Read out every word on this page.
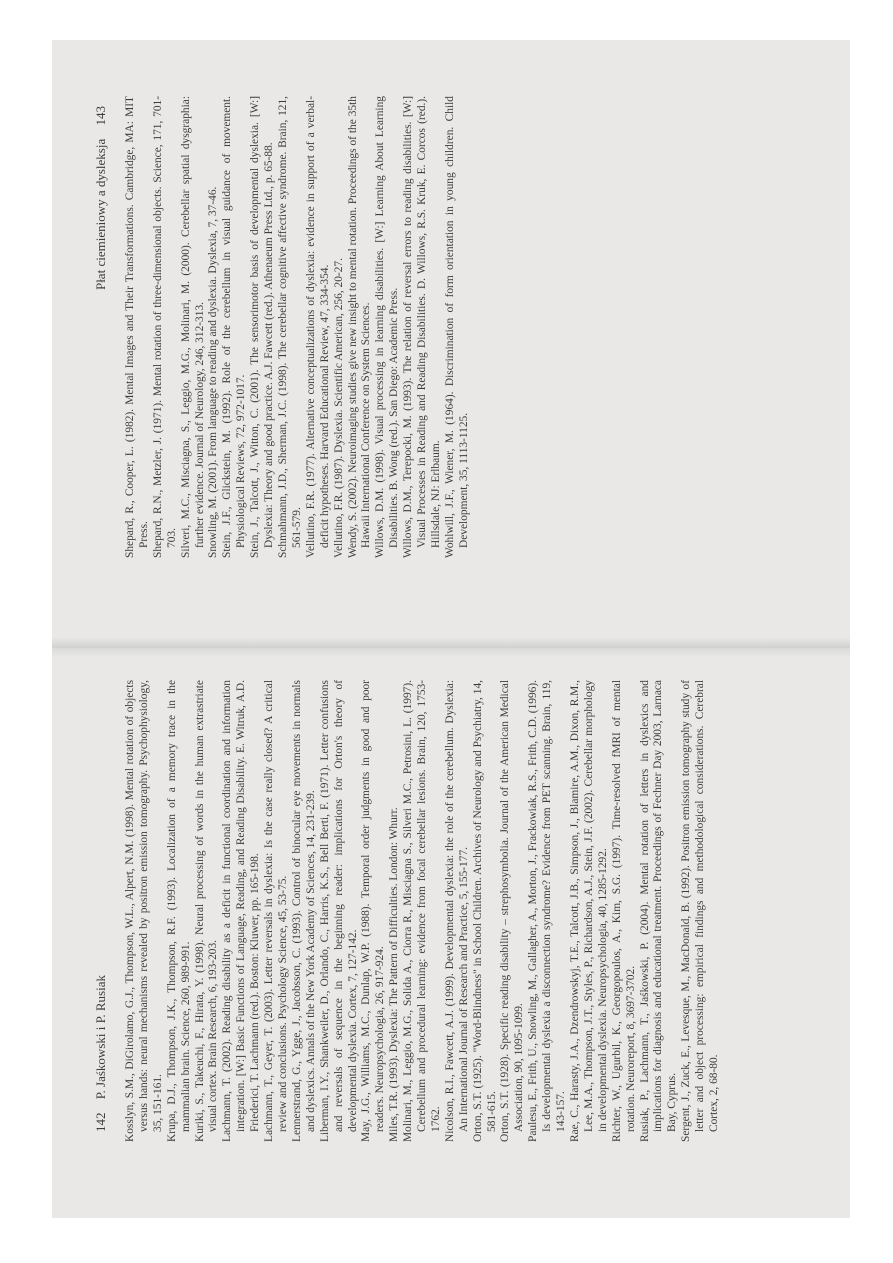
142 P. Jaśkowski i P. Rusiak Kosslyn, S.M., DiGirolamo, G.J., Thompson, W.L., Alpert, N.M. (1998). Mental rotation of objects versus hands: neural mechanisms revealed by positron emission tomography. Psychophysiology, 35, 151-161. Krupa, D.J., Thompson, J.K., Thompson, R.F. (1993). Localization of a memory trace in the mammalian brain. Science, 260, 989-991. Kuriki, S., Takeuchi, F., Hirata, Y. (1998). Neural processing of words in the human extrastriate visual cortex. Brain Research, 6, 193-203. Lachmann, T. (2002). Reading disability as a deficit in functional coordination and information integration. [W:] Basic Functions of Language, Reading, and Reading Disability. E. Witruk, A.D. Friederici, T. Lachmann (red.). Boston: Kluwer, pp. 165-198. Lachmann, T., Geyer, T. (2003). Letter reversals in dyslexia: Is the case really closed? A critical review and conclusions. Psychology Science, 45, 53-75. Lennerstrand, G., Ygge, J., Jacobsson, C. (1993). Control of binocular eye movements in normals and dyslexics. Annals of the New York Academy of Sciences, 14, 231-239. Liberman, I.Y., Shankweiler, D., Orlando, C., Harris, K.S., Bell Berti, F. (1971). Letter confusions and reversals of sequence in the beginning reader: implications for Orton's theory of developmental dyslexia. Cortex, 7, 127-142. May, J.G., Williams, M.C., Dunlap, W.P. (1988). Temporal order judgments in good and poor readers. Neuropsychologia, 26, 917-924. Miles, T.R. (1993). Dyslexia: The Pattern of Difficulties. London: Whurr. Molinari, M., Leggio, M.G., Solida A., Ciorra R., Misciagna S., Silveri M.C., Petrosini, L. (1997). Cerebellum and procedural learning: evidence from focal cerebellar lesions. Brain, 120, 1753-1762. Nicolson, R.I., Fawcett, A.J. (1999). Developmental dyslexia: the role of the cerebellum. Dyslexia: An International Journal of Research and Practice, 5, 155-177. Orton, S.T. (1925). "Word-Blindness" in School Children. Archives of Neurology and Psychiatry, 14, 581-615. Orton, S.T. (1928). Specific reading disability – strephosymbolia. Journal of the American Medical Association, 90, 1095-1099. Paulesu, E., Frith, U., Snowling, M., Gallagher, A., Morton, J., Frackowiak, R.S., Frith, C.D. (1996). Is developmental dyslexia a disconnection syndrome? Evidence from PET scanning. Brain, 119, 143-157. Rae, C., Harasty, J.A., Dzendrowskyj, T.E., Talcott, J.B., Simpson, J., Blamire, A.M., Dixon, R.M., Lee, M.A., Thompson, J.T., Styles, P., Richardson, A.J., Stein, J.F. (2002). Cerebellar morphology in developmental dyslexia. Neuropsychologia, 40, 1285-1292. Richter, W., Ugurbil, K., Georgopoulos, A., Kim, S.G. (1997). Time-resolved fMRI of mental rotation. Neuroreport, 8, 3697-3702. Rusiak, P., Lachmann, T., Jaśkowski, P. (2004). Mental rotation of letters in dyslexics and implications for diagnosis and educational treatment. Proceedings of Fechner Day 2003, Larnaca Bay, Cyprus. Sergent, J., Zuck, E., Levesque, M., MacDonald, B. (1992). Positron emission tomography study of letter and object processing: empirical findings and methodological considerations. Cerebral Cortex, 2, 68-80.

Płat ciemieniowy a dysleksja 143 Shepard, R., Cooper, L. (1982). Mental Images and Their Transformations. Cambridge, MA: MIT Press. Shepard, R.N., Metzler, J. (1971). Mental rotation of three-dimensional objects. Science, 171, 701-703. Silveri, M.C., Misciagna, S., Leggio, M.G., Molinari, M. (2000). Cerebellar spatial dysgraphia: further evidence. Journal of Neurology, 246, 312-313. Snowling, M. (2001). From language to reading and dyslexia. Dyslexia, 7, 37-46. Stein, J.F., Glickstein, M. (1992). Role of the cerebellum in visual guidance of movement. Physiological Reviews, 72, 972-1017. Stein, J., Talcott, J., Witton, C. (2001). The sensorimotor basis of developmental dyslexia. [W:] Dyslexia: Theory and good practice. A.J. Fawcett (red.). Athenaeum Press Ltd., p. 65-88. Schmahmann, J.D., Sherman, J.C. (1998). The cerebellar cognitive affective syndrome. Brain, 121, 561-579. Vellutino, F.R. (1977). Alternative conceptualizations of dyslexia: evidence in support of a verbal-deficit hypotheses. Harvard Educational Review, 47, 334-354. Vellutino, F.R. (1987). Dyslexia. Scientific American, 256, 20-27. Wendy, S. (2002). Neuroimaging studies give new insight to mental rotation. Proceedings of the 35th Hawaii International Conference on System Sciences. Willows, D.M. (1998). Visual processing in learning disabilities. [W:] Learning About Learning Disabilities. B. Wong (red.). San Diego: Academic Press. Willows, D.M., Terepocki, M. (1993). The relation of reversal errors to reading disabilities. [W:] Visual Processes in Reading and Reading Disabilities. D. Willows, R.S. Kruk, E. Corcos (red.). Hillsdale, NJ: Erlbaum. Wohlwill, J.F., Wiener, M. (1964). Discrimination of form orientation in young children. Child Development, 35, 1113-1125.
